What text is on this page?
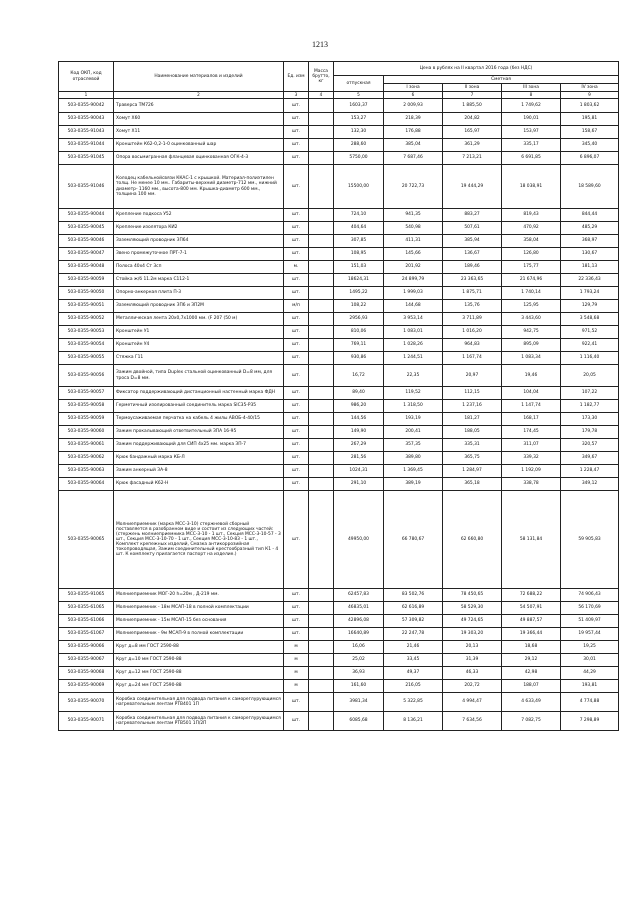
1213
Код ОКП, код отраслевой	Наименование материалов и изделий	Ед. изм	Масса брутто, кг	Цена в рублях на II квартал 2016 года (без НДС)				
				отпускная	Сметная			
					I зона	II зона	III зона	IV зона
1	2	3	4	5	6	7	8	9
503-0355-90042	Траверса ТМ726	шт.		1603,37	2 009,93	1 885,50	1 749,62	1 803,62
503-0355-90043	Хомут Х60	шт.		153,27	218,39	204,82	190,01	195,81
503-0355-91043	Хомут Х11	шт.		132,30	176,88	165,97	153,97	158,67
503-0355-91044	Кронштейн К62-0,2-1-0 оцинкованный шар	шт.		288,60	385,04	361,29	335,17	345,40
503-0355-91045	Опора восьмигранная фланцевая оцинкованная ОГК-4-3	шт.		5750,00	7 687,46	7 213,21	6 691,85	6 896,07
503-0355-91046	Колодец кабельнойсвязи ККАС-1 с крышкой. Материал-полиэтилен толщ. Не менее 10 мм.. Габариты-верхний диаметр-712 мм., нижний диаметр- 1160 мм., высота-800 мм. Крышка-диаметр 600 мм., толщина 100 мм.	шт.		15500,00	20 722,73	19 444,29	18 038,91	18 589,60
503-0355-90044	Крепление подкоса У52	шт.		724,10	941,35	883,27	819,43	844,44
503-0355-90045	Крепление изолятора КИ2	шт.		404,64	540,98	507,61	470,92	485,29
503-0355-90046	Заземляющий проводник ЗП64	шт.		307,85	411,31	385,94	358,04	368,97
503-0355-90047	Звено промежуточное ПРТ-7-1	шт.		108,95	145,66	136,67	126,80	130,67
503-0355-90048	Полоса 40х4 Ст 3сп	м.		151,03	201,92	189,46	175,77	181,13
503-0355-90059	Стойка ж/б 11.2м марка С112-1	шт.		18624,31	24 899,79	23 363,65	21 674,96	22 336,43
503-0355-90050	Опорно-анкерная плита П-3	шт.		1495,22	1 999,03	1 875,71	1 740,14	1 793,24
503-0355-90051	Заземляющий проводник ЗП6 и ЗП2М	м/п		108,22	144,68	135,76	125,95	129,79
503-0355-90052	Металлическая лента 20х0,7х1000 мм. (F 207 (50 м)	шт.		2956,93	3 953,14	3 711,89	3 443,60	3 548,68
503-0355-90053	Кронштейн У1	шт.		810,06	1 083,01	1 016,20	942,75	971,52
503-0355-90054	Кронштейн У4	шт.		769,11	1 028,26	964,83	895,09	922,41
503-0355-90055	Стяжка Г11	шт.		930,86	1 244,51	1 167,74	1 083,34	1 116,40
503-0355-90056	Зажим двойной, типа Duplex стальной оцинкованный D=8 мм, для троса D=8 мм.	шт.		16,72	22,35	20,97	19,46	20,05
503-0355-90057	Фиксатор поддерживающий дистанционный настенный марка ФДН	шт.		89,40	119,52	112,15	104,04	107,22
503-0355-90058	Герметичный изолированный соединитель марка SIC35-P35	шт.		986,20	1 318,50	1 237,16	1 147,74	1 182,77
503-0355-90059	Термоусаживаемая перчатка на кабель 4 жилы АВОБ-4-40/15	шт.		144,56	193,19	181,27	168,17	173,30
503-0355-90060	Зажим прокалывающий ответвительный ЗПА 16-95	шт.		149,90	200,41	188,05	174,45	179,78
503-0355-90061	Зажим поддерживающий для СИП 4х25 мм. марка ЗП-7	шт.		267,29	357,35	335,31	311,07	320,57
503-0355-90062	Крюк бандажный марка КБ-Л	шт.		281,56	389,80	365,75	339,32	349,67
503-0355-90063	Зажим анкерный ЗА-8	шт.		1024,31	1 369,45	1 284,97	1 192,09	1 228,47
503-0355-90064	Крюк фасадный К62-Н	шт.		291,10	389,19	365,18	338,78	349,12
503-0355-90065	Молниеприемник (марка МСС-3-10) стержневой сборный поставляется в разобранном виде и состоит из следующих частей: (стержень молниеприемника МСС-3-10 - 1 шт., Секция МСС-3-10-57 - 3 шт., Секция МСС-3-10-70 - 1 шт., Секция МСС-3-10-83 - 1 шт., Комплект крепежных изделий, Смазка антикоррозийная токопроводящая, Зажим соединительный крестообразный тип К1 - 4 шт. К комплекту прилагается паспорт на изделие.)	шт.		49950,00	66 780,67	62 660,80	58 131,84	59 905,83
503-0355-91065	Молниеприемник МОГ-20 h=20м , Д-219 мм.	шт.		62457,83	83 502,76	78 450,65	72 688,22	74 906,43
503-0355-61065	Молниеприемник - 18м МСАП-18 в полной комплектации	шт.		46835,01	62 616,89	58 529,30	54 507,91	56 170,69
503-0355-61066	Молниеприемник - 15м МСАП-15 без основания	шт.		42896,08	57 309,82	49 724,65	49 887,57	51 409,97
503-0355-61067	Молниеприемник - 9м МСАП-9 в полной комплектации	шт.		16640,89	22 247,78	19 303,20	19 366,44	19 957,44
503-0355-90066	Круг д=8 мм ГОСТ 2590-88	м		16,06	21,46	20,13	18,68	19,25
503-0355-90067	Круг д=10 мм ГОСТ 2590-88	м		25,02	33,45	31,39	29,12	30,01
503-0355-90068	Круг д=12 мм ГОСТ 2590-88	м		36,93	49,37	46,33	42,98	44,29
503-0355-90069	Круг д=24 мм ГОСТ 2590-88	м		161,60	216,05	202,72	188,07	193,81
503-0355-90070	Коробка соединительная для подвода питания к самореглурующимся нагревательным лентам РТВ401 1П	шт.		3981,34	5 322,85	4 994,47	4 633,49	4 774,88
503-0355-90071	Коробка соединительная для подвода питания к самореглурующимся нагревательным лентам РТВ501 1П/2П	шт.		6085,68	8 136,21	7 634,56	7 082,75	7 298,89
